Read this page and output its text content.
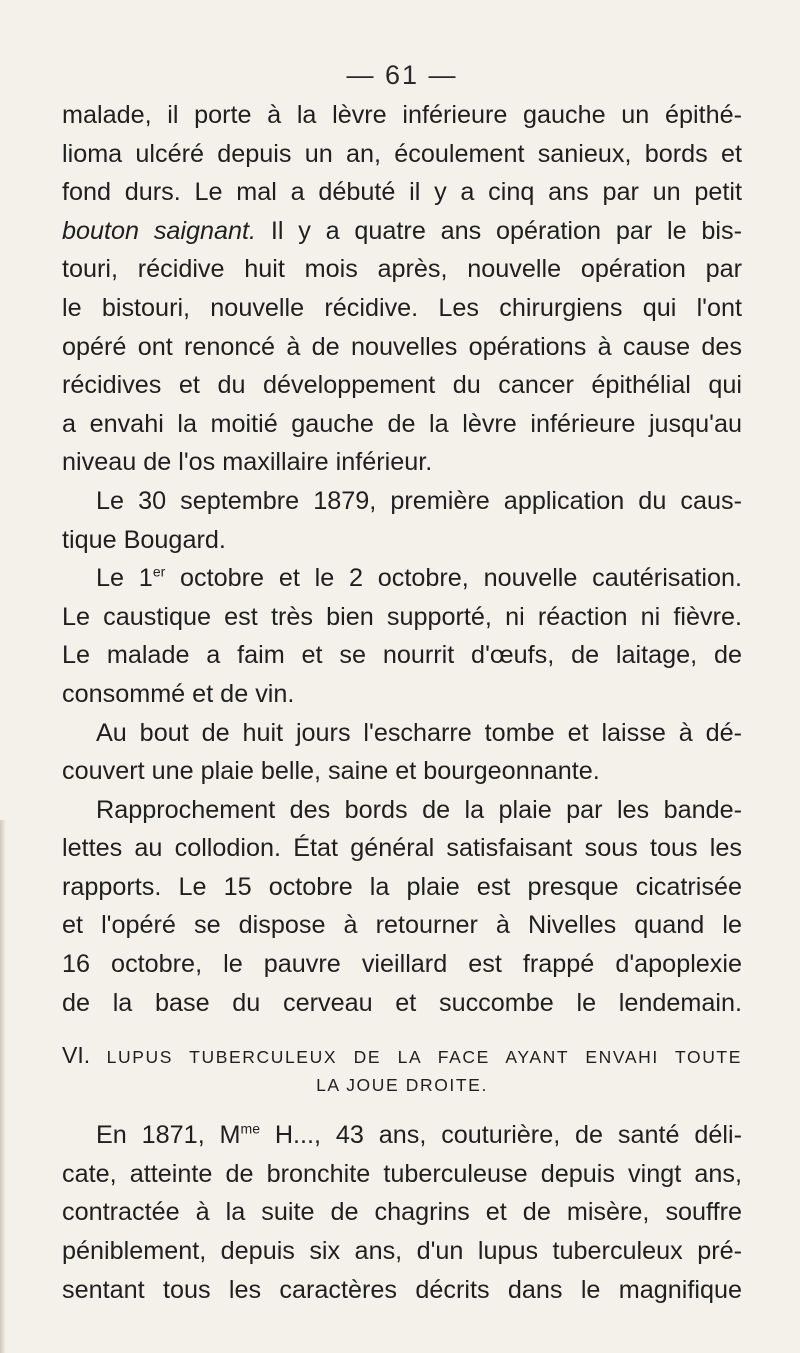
— 61 —
malade, il porte à la lèvre inférieure gauche un épithé-
lioma ulcéré depuis un an, écoulement sanieux, bords et
fond durs. Le mal a débuté il y a cinq ans par un petit
bouton saignant. Il y a quatre ans opération par le bis-
touri, récidive huit mois après, nouvelle opération par
le bistouri, nouvelle récidive. Les chirurgiens qui l'ont
opéré ont renoncé à de nouvelles opérations à cause des
récidives et du développement du cancer épithélial qui
a envahi la moitié gauche de la lèvre inférieure jusqu'au
niveau de l'os maxillaire inférieur.
Le 30 septembre 1879, première application du caus-
tique Bougard.
Le 1er octobre et le 2 octobre, nouvelle cautérisation.
Le caustique est très bien supporté, ni réaction ni fièvre.
Le malade a faim et se nourrit d'œufs, de laitage, de
consommé et de vin.
Au bout de huit jours l'escharre tombe et laisse à dé-
couvert une plaie belle, saine et bourgeonnante.
Rapprochement des bords de la plaie par les bande-
lettes au collodion. État général satisfaisant sous tous les
rapports. Le 15 octobre la plaie est presque cicatrisée
et l'opéré se dispose à retourner à Nivelles quand le
16 octobre, le pauvre vieillard est frappé d'apoplexie
de la base du cerveau et succombe le lendemain.
VI. LUPUS TUBERCULEUX DE LA FACE AYANT ENVAHI TOUTE
LA JOUE DROITE.
En 1871, $M^{me}$ H..., 43 ans, couturière, de santé déli-
cate, atteinte de bronchite tuberculeuse depuis vingt ans,
contractée à la suite de chagrins et de misère, souffre
péniblement, depuis six ans, d'un lupus tuberculeux pré-
sentant tous les caractères décrits dans le magnifique
